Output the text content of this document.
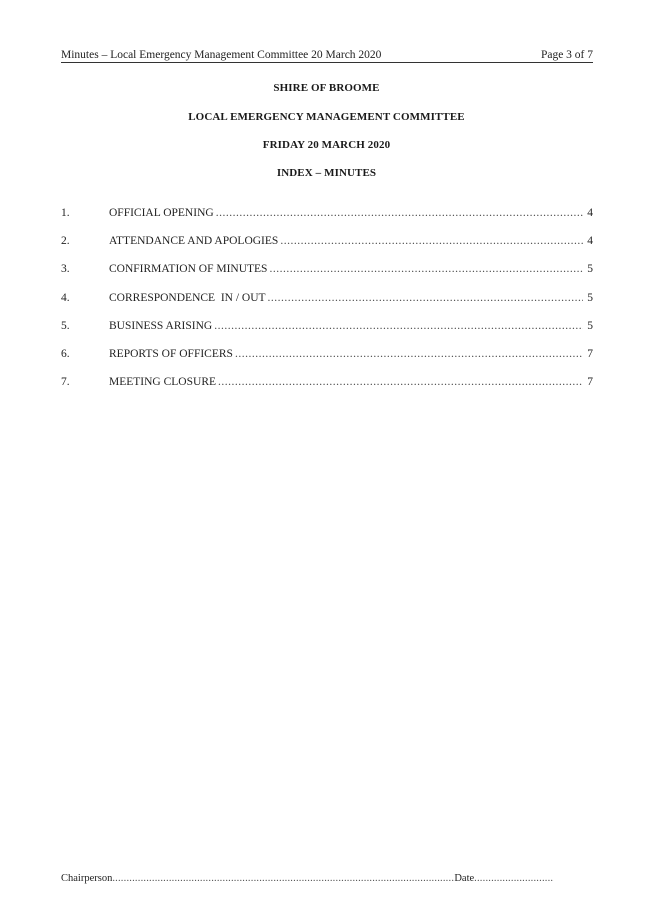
Minutes – Local Emergency Management Committee 20 March 2020	Page 3 of 7
SHIRE OF BROOME
LOCAL EMERGENCY MANAGEMENT COMMITTEE
FRIDAY 20 MARCH 2020
INDEX – MINUTES
1.	OFFICIAL OPENING .....	4
2.	ATTENDANCE AND APOLOGIES .....	4
3.	CONFIRMATION OF MINUTES .....	5
4.	CORRESPONDENCE  IN / OUT .....	5
5.	BUSINESS ARISING .....	5
6.	REPORTS OF OFFICERS .....	7
7.	MEETING CLOSURE .....	7
Chairperson .....	Date
.....
